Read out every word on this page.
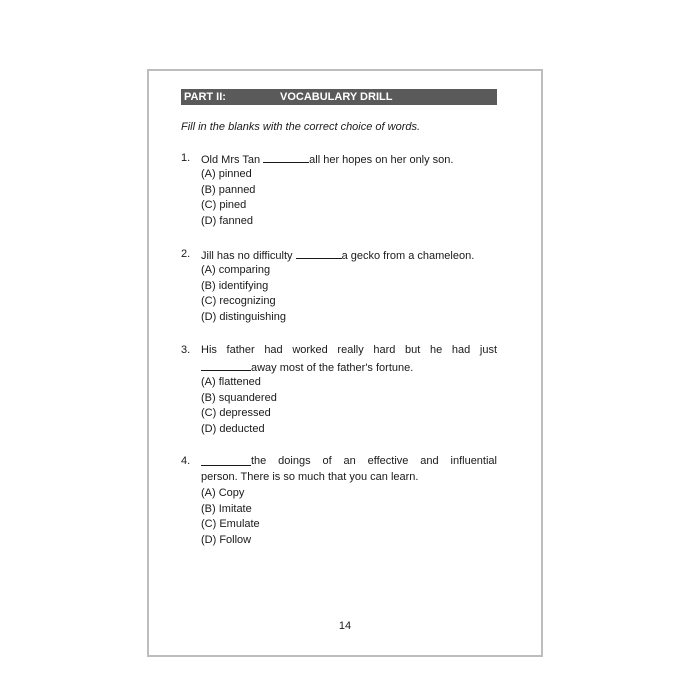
PART II:	VOCABULARY DRILL
Fill in the blanks with the correct choice of words.
1. Old Mrs Tan	all her hopes on her only son.
(A) pinned
(B) panned
(C) pined
(D) fanned
2. Jill has no difficulty	a gecko from a chameleon.
(A) comparing
(B) identifying
(C) recognizing
(D) distinguishing
3. His father had worked really hard but he had just
away most of the father's fortune.
(A) flattened
(B) squandered
(C) depressed
(D) deducted
4.	the doings of an effective and influential
person. There is so much that you can learn.
(A) Copy
(B) Imitate
(C) Emulate
(D) Follow
14
